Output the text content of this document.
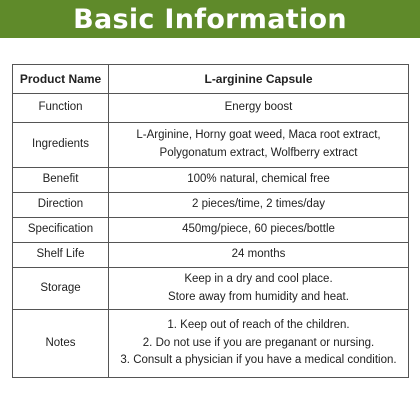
Basic Information
Product Name	L-arginine Capsule
Function	Energy boost

Ingredients	L-Arginine, Horny goat weed, Maca root extract,
Polygonatum extract, Wolfberry extract

Benefit	100% natural, chemical free

Direction	2 pieces/time, 2 times/day

Specification	450mg/piece, 60 pieces/bottle

Shelf Life	24 months

Storage	Keep in a dry and cool place.
Store away from humidity and heat.

Notes	1. Keep out of reach of the children.
2. Do not use if you are preganant or nursing.
3. Consult a physician if you have a medical condition.
